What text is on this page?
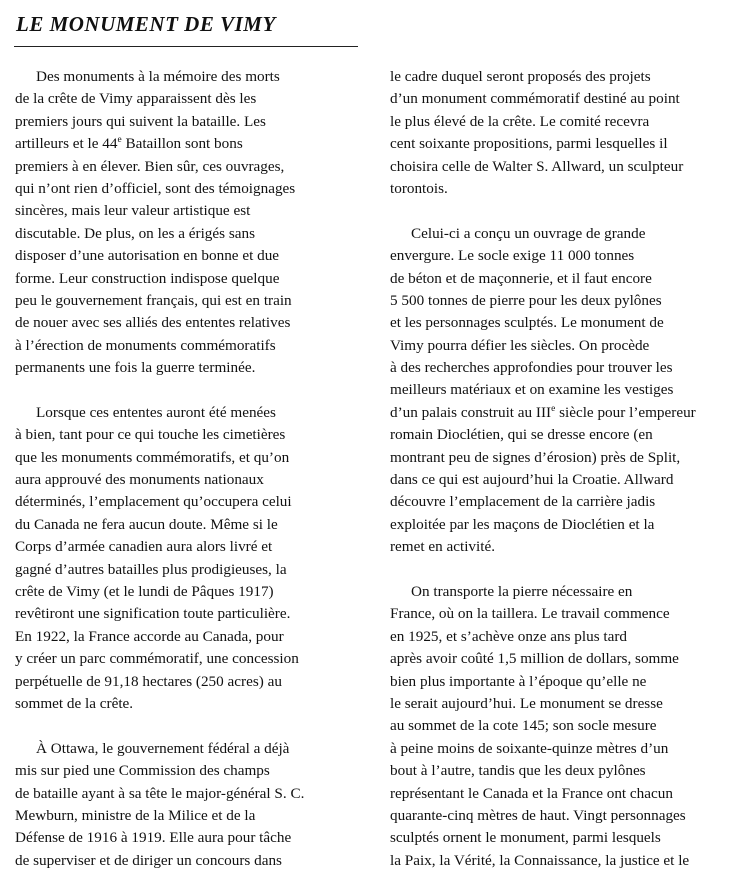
LE MONUMENT DE VIMY
Des monuments à la mémoire des morts
de la crête de Vimy apparaissent dès les
premiers jours qui suivent la bataille. Les
artilleurs et le 44e Bataillon sont bons
premiers à en élever. Bien sûr, ces ouvrages,
qui n’ont rien d’officiel, sont des témoignages
sincères, mais leur valeur artistique est
discutable. De plus, on les a érigés sans
disposer d’une autorisation en bonne et due
forme. Leur construction indispose quelque
peu le gouvernement français, qui est en train
de nouer avec ses alliés des ententes relatives
à l’érection de monuments commémoratifs
permanents une fois la guerre terminée.
Lorsque ces ententes auront été menées
à bien, tant pour ce qui touche les cimetières
que les monuments commémoratifs, et qu’on
aura approuvé des monuments nationaux
déterminés, l’emplacement qu’occupera celui
du Canada ne fera aucun doute. Même si le
Corps d’armée canadien aura alors livré et
gagné d’autres batailles plus prodigieuses, la
crête de Vimy (et le lundi de Pâques 1917)
revêtiront une signification toute particulière.
En 1922, la France accorde au Canada, pour
y créer un parc commémoratif, une concession
perpétuelle de 91,18 hectares (250 acres) au
sommet de la crête.
À Ottawa, le gouvernement fédéral a déjà
mis sur pied une Commission des champs
de bataille ayant à sa tête le major-général S. C.
Mewburn, ministre de la Milice et de la
Défense de 1916 à 1919. Elle aura pour tâche
de superviser et de diriger un concours dans
le cadre duquel seront proposés des projets
d’un monument commémoratif destiné au point
le plus élevé de la crête. Le comité recevra
cent soixante propositions, parmi lesquelles il
choisira celle de Walter S. Allward, un sculpteur
torontois.
Celui-ci a conçu un ouvrage de grande
envergure. Le socle exige 11 000 tonnes
de béton et de maçonnerie, et il faut encore
5 500 tonnes de pierre pour les deux pylônes
et les personnages sculptés. Le monument de
Vimy pourra défier les siècles. On procède
à des recherches approfondies pour trouver les
meilleurs matériaux et on examine les vestiges
d’un palais construit au IIIe siècle pour l’empereur
romain Dioclétien, qui se dresse encore (en
montrant peu de signes d’érosion) près de Split,
dans ce qui est aujourd’hui la Croatie. Allward
découvre l’emplacement de la carrière jadis
exploitée par les maçons de Dioclétien et la
remet en activité.
On transporte la pierre nécessaire en
France, où on la taillera. Le travail commence
en 1925, et s’achève onze ans plus tard
après avoir coûté 1,5 million de dollars, somme
bien plus importante à l’époque qu’elle ne
le serait aujourd’hui. Le monument se dresse
au sommet de la cote 145; son socle mesure
à peine moins de soixante-quinze mètres d’un
bout à l’autre, tandis que les deux pylônes
représentant le Canada et la France ont chacun
quarante-cinq mètres de haut. Vingt personnages
sculptés ornent le monument, parmi lesquels
la Paix, la Vérité, la Connaissance, la justice et le
